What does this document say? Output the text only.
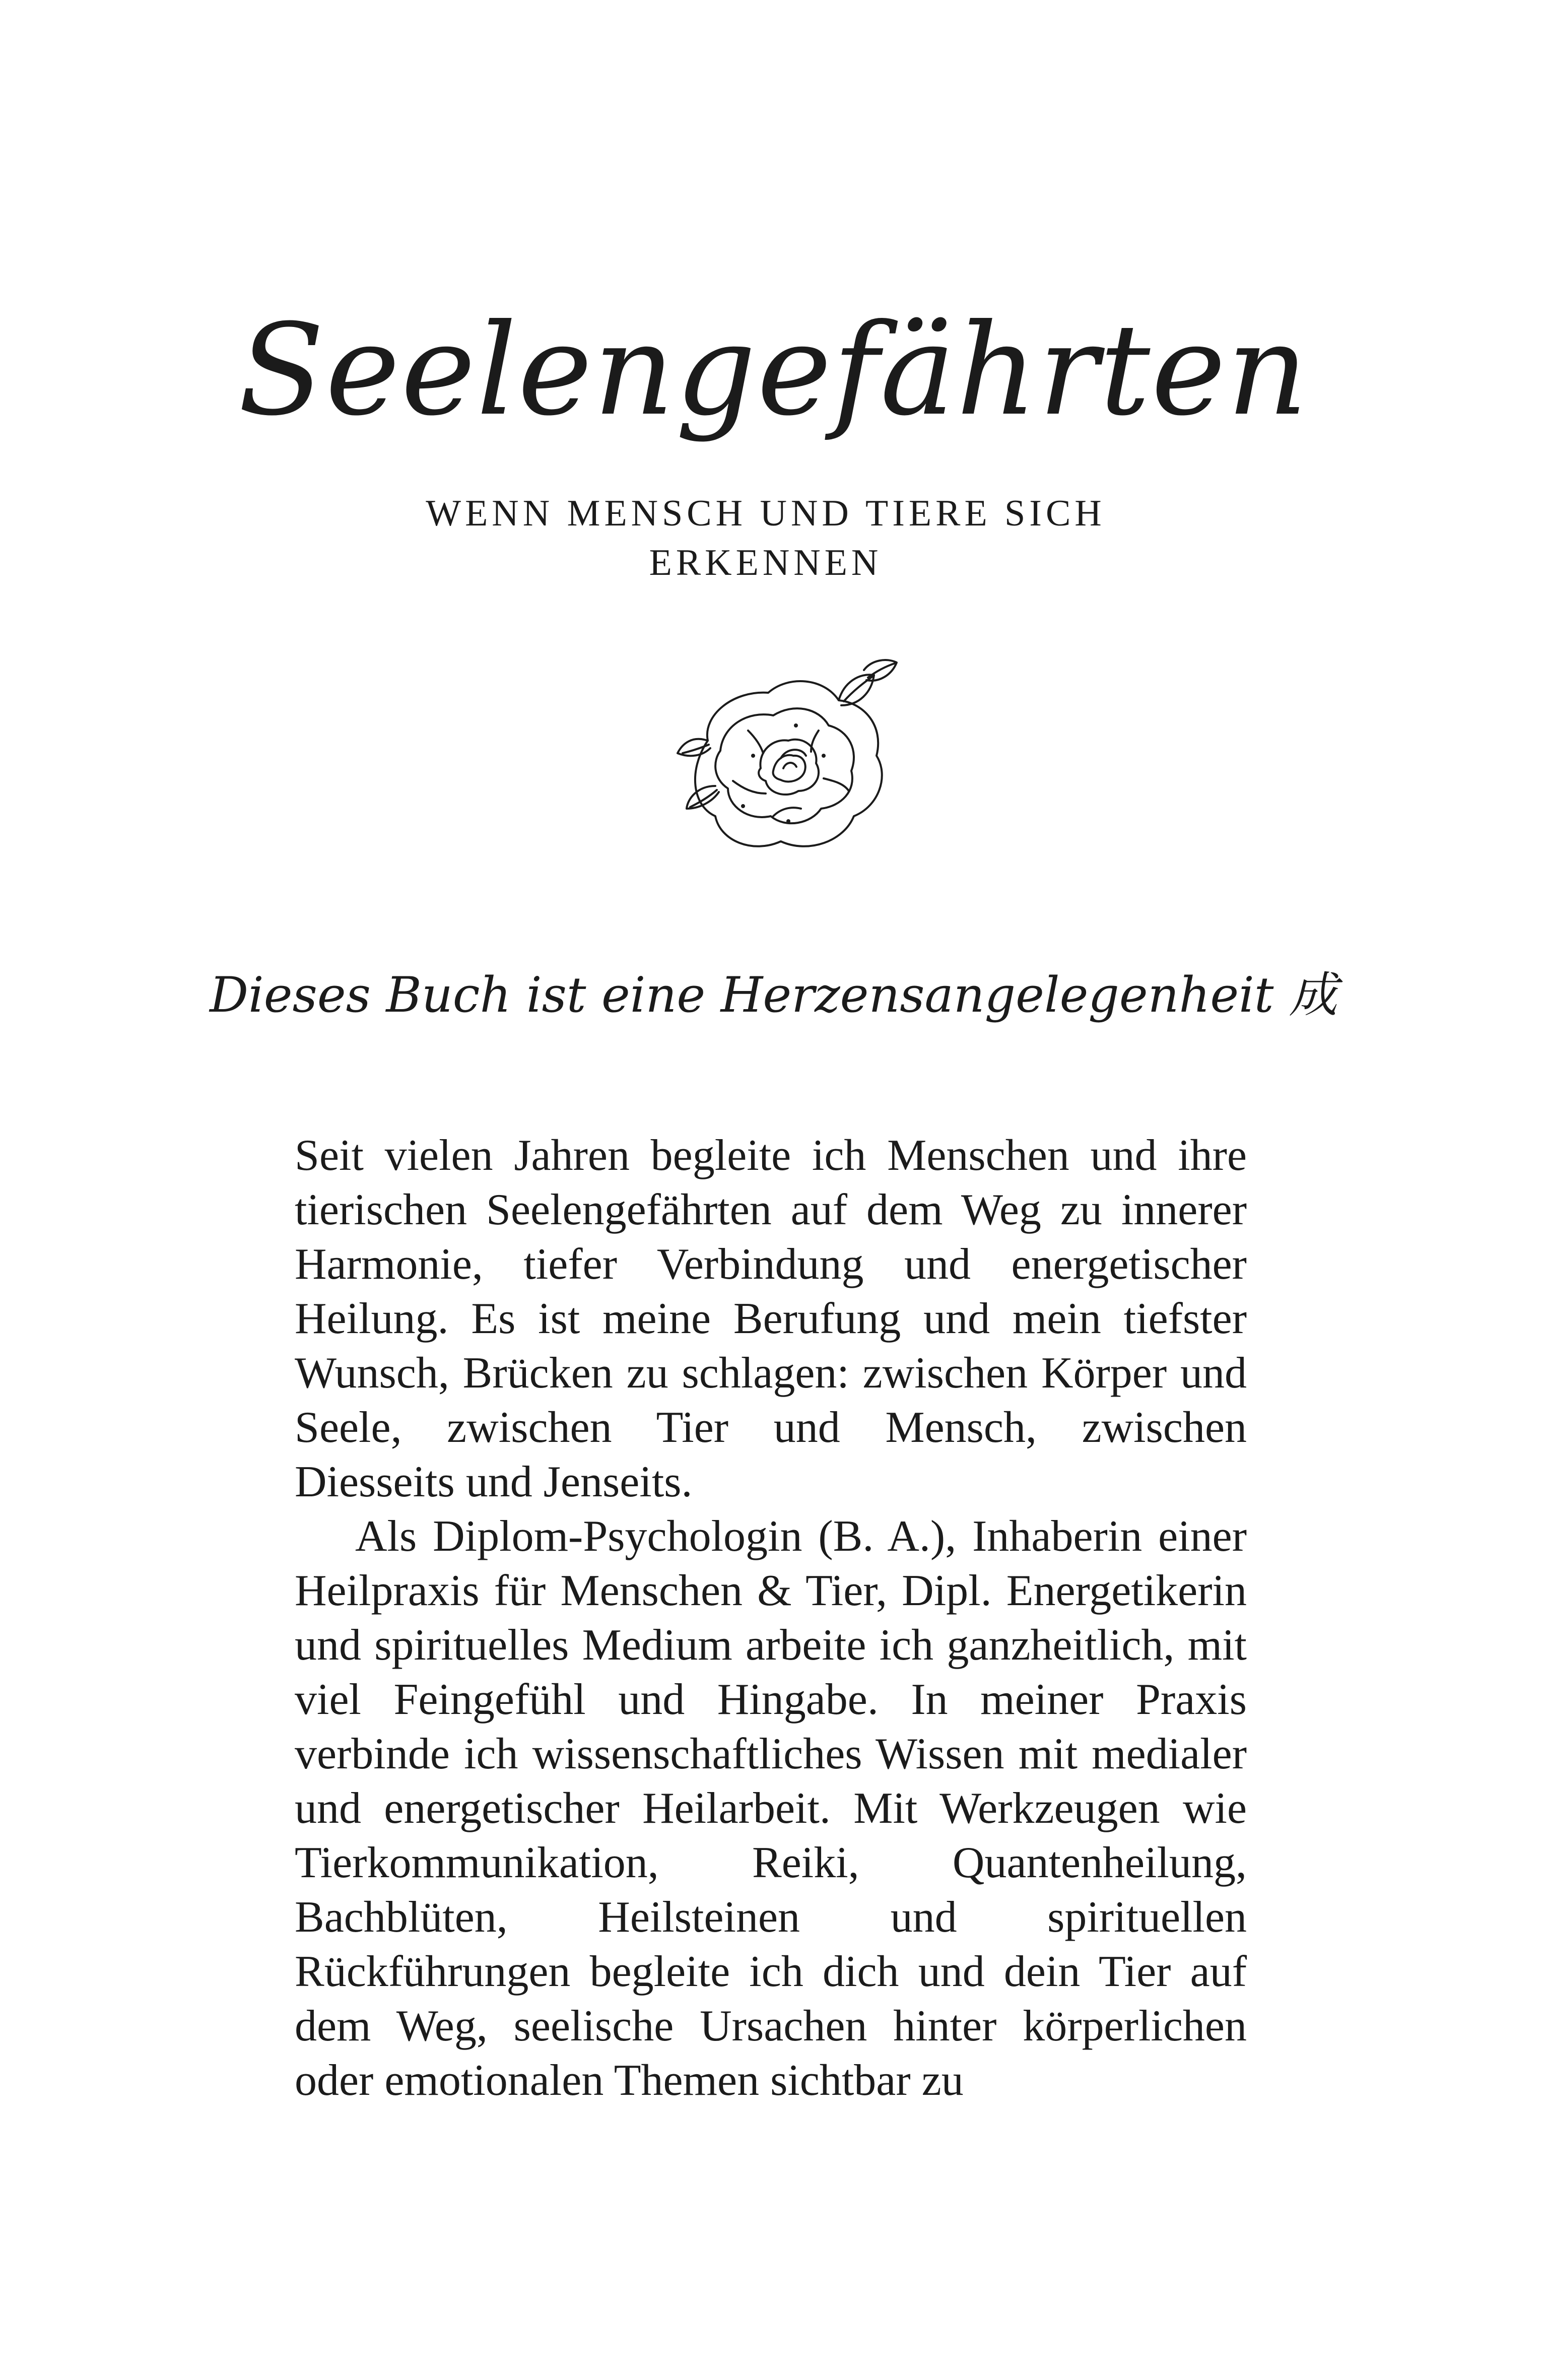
Seelengefährten
WENN MENSCH UND TIERE SICH ERKENNEN
Dieses Buch ist eine Herzensangelegenheit 成

Seit vielen Jahren begleite ich Menschen und ihre tierischen Seelengefährten auf dem Weg zu innerer Harmonie, tiefer Verbindung und energetischer Heilung. Es ist meine Berufung und mein tiefster Wunsch, Brücken zu schlagen: zwischen Körper und Seele, zwischen Tier und Mensch, zwischen Diesseits und Jenseits.

Als Diplom-Psychologin (B. A.), Inhaberin einer Heilpraxis für Menschen & Tier, Dipl. Energetikerin und spirituelles Medium arbeite ich ganzheitlich, mit viel Feingefühl und Hingabe. In meiner Praxis verbinde ich wissenschaftliches Wissen mit medialer und energetischer Heilarbeit. Mit Werkzeugen wie Tierkommunikation, Reiki, Quantenheilung, Bachblüten, Heilsteinen und spirituellen Rückführungen begleite ich dich und dein Tier auf dem Weg, seelische Ursachen hinter körperlichen oder emotionalen Themen sichtbar zu
